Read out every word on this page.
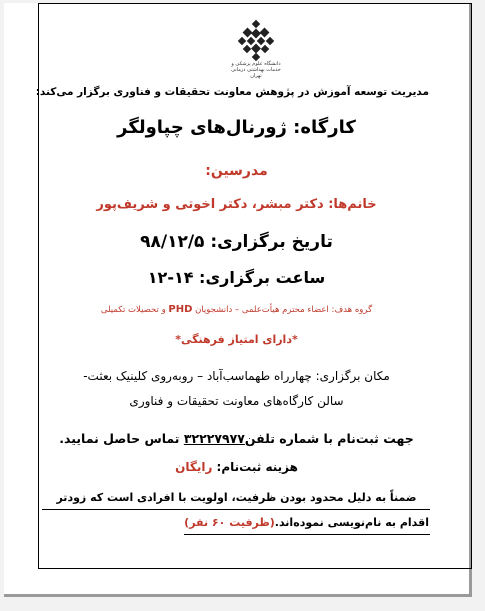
دانشگاه علوم پزشکی و خدمات بهداشتی درمانی تهران

مدیریت توسعه آموزش در پژوهش معاونت تحقیقات و فناوری برگزار می‌کند:

کارگاه: ژورنال‌های چپاولگر

مدرسین:

خانم‌ها: دکتر مبشر، دکتر اخوتی و شریف‌پور

تاریخ برگزاری: ۹۸/۱۲/۵

ساعت برگزاری: ۱۴-۱۲

گروه هدف: اعضاء محترم هیأت‌علمی – دانشجویان PHD و تحصیلات تکمیلی

*دارای امتیاز فرهنگی*

مکان برگزاری: چهارراه طهماسب‌آباد – روبه‌روی کلینیک بعثت-

سالن کارگاه‌های معاونت تحقیقات و فناوری

جهت ثبت‌نام با شماره تلفن۳۲۲۲۷۹۷۷ تماس حاصل نمایید.

هزینه ثبت‌نام: رایگان

ضمناً به دلیل محدود بودن ظرفیت، اولویت با افرادی است که زودتر

اقدام به نام‌نویسی نموده‌اند.(ظرفیت ۶۰ نفر)
